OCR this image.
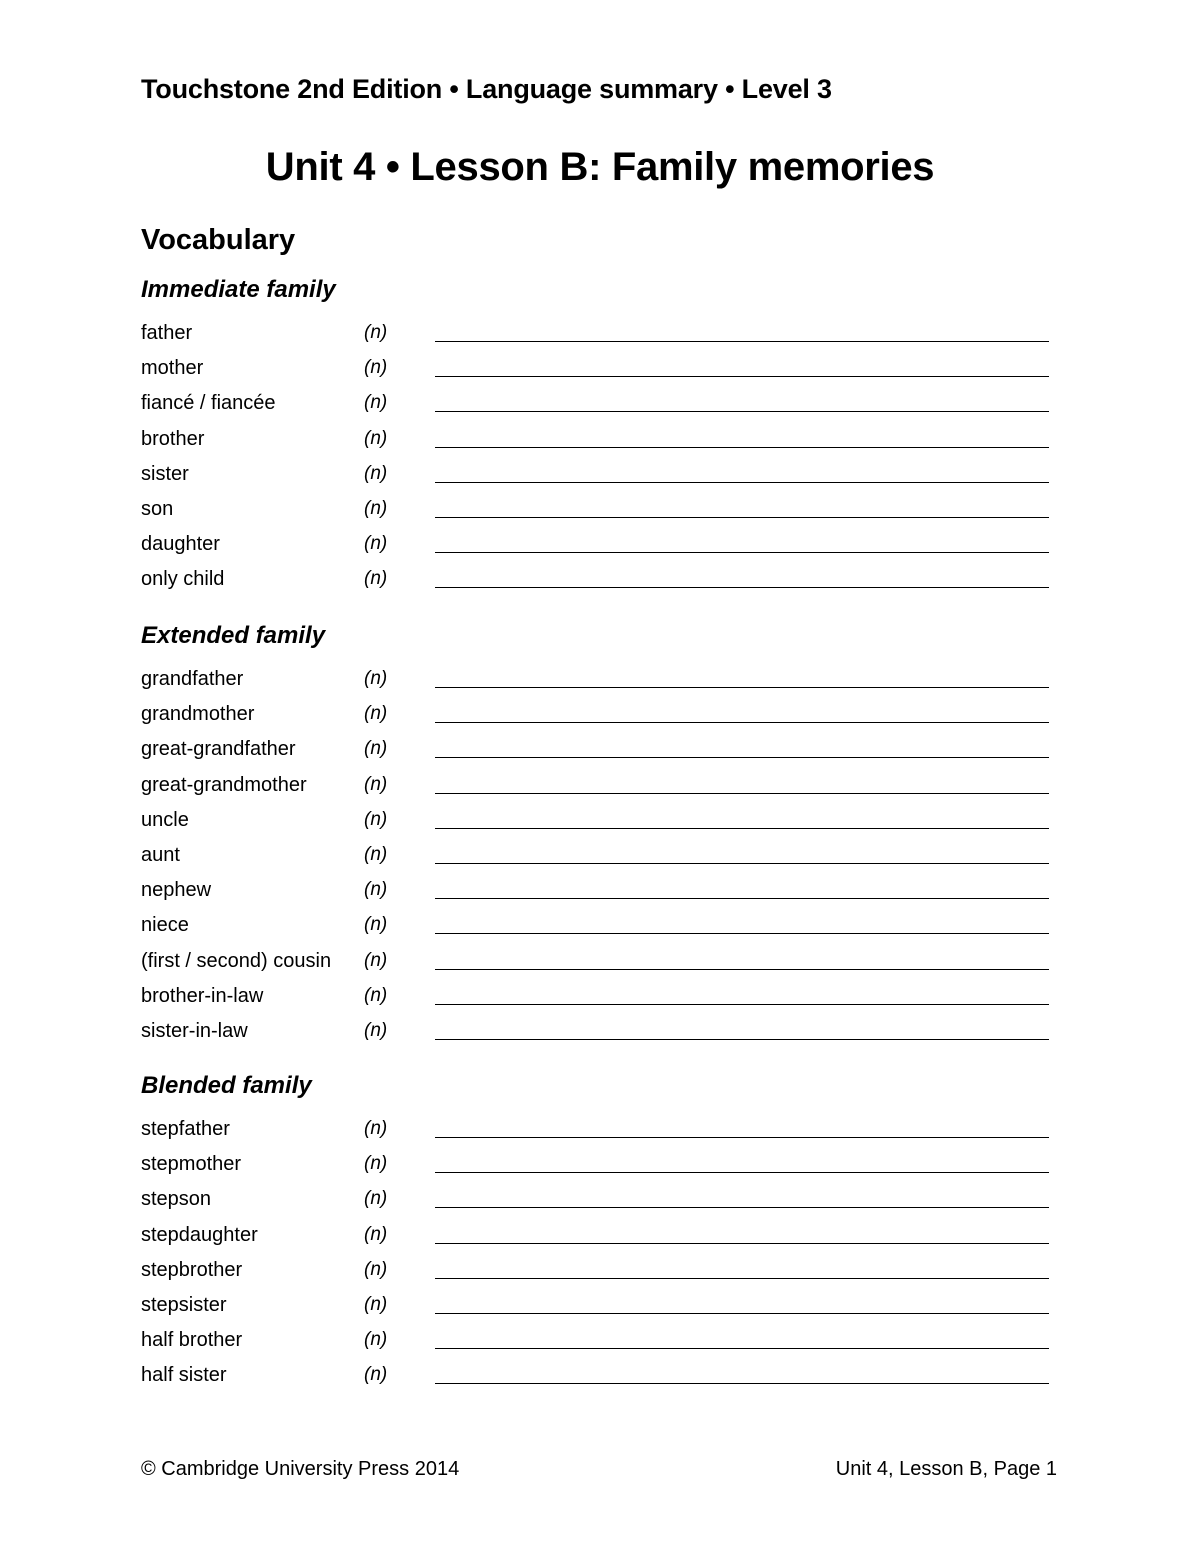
Touchstone 2nd Edition • Language summary • Level 3
Unit 4 • Lesson B: Family memories
Vocabulary
Immediate family
father	(n)
mother	(n)
fiancé / fiancée	(n)
brother	(n)
sister	(n)
son	(n)
daughter	(n)
only child	(n)
Extended family
grandfather	(n)
grandmother	(n)
great-grandfather	(n)
great-grandmother	(n)
uncle	(n)
aunt	(n)
nephew	(n)
niece	(n)
(first / second) cousin (n)
brother-in-law	(n)
sister-in-law	(n)
Blended family
stepfather	(n)
stepmother	(n)
stepson	(n)
stepdaughter	(n)
stepbrother	(n)
stepsister	(n)
half brother	(n)
half sister	(n)
© Cambridge University Press 2014	Unit 4, Lesson B, Page 1
